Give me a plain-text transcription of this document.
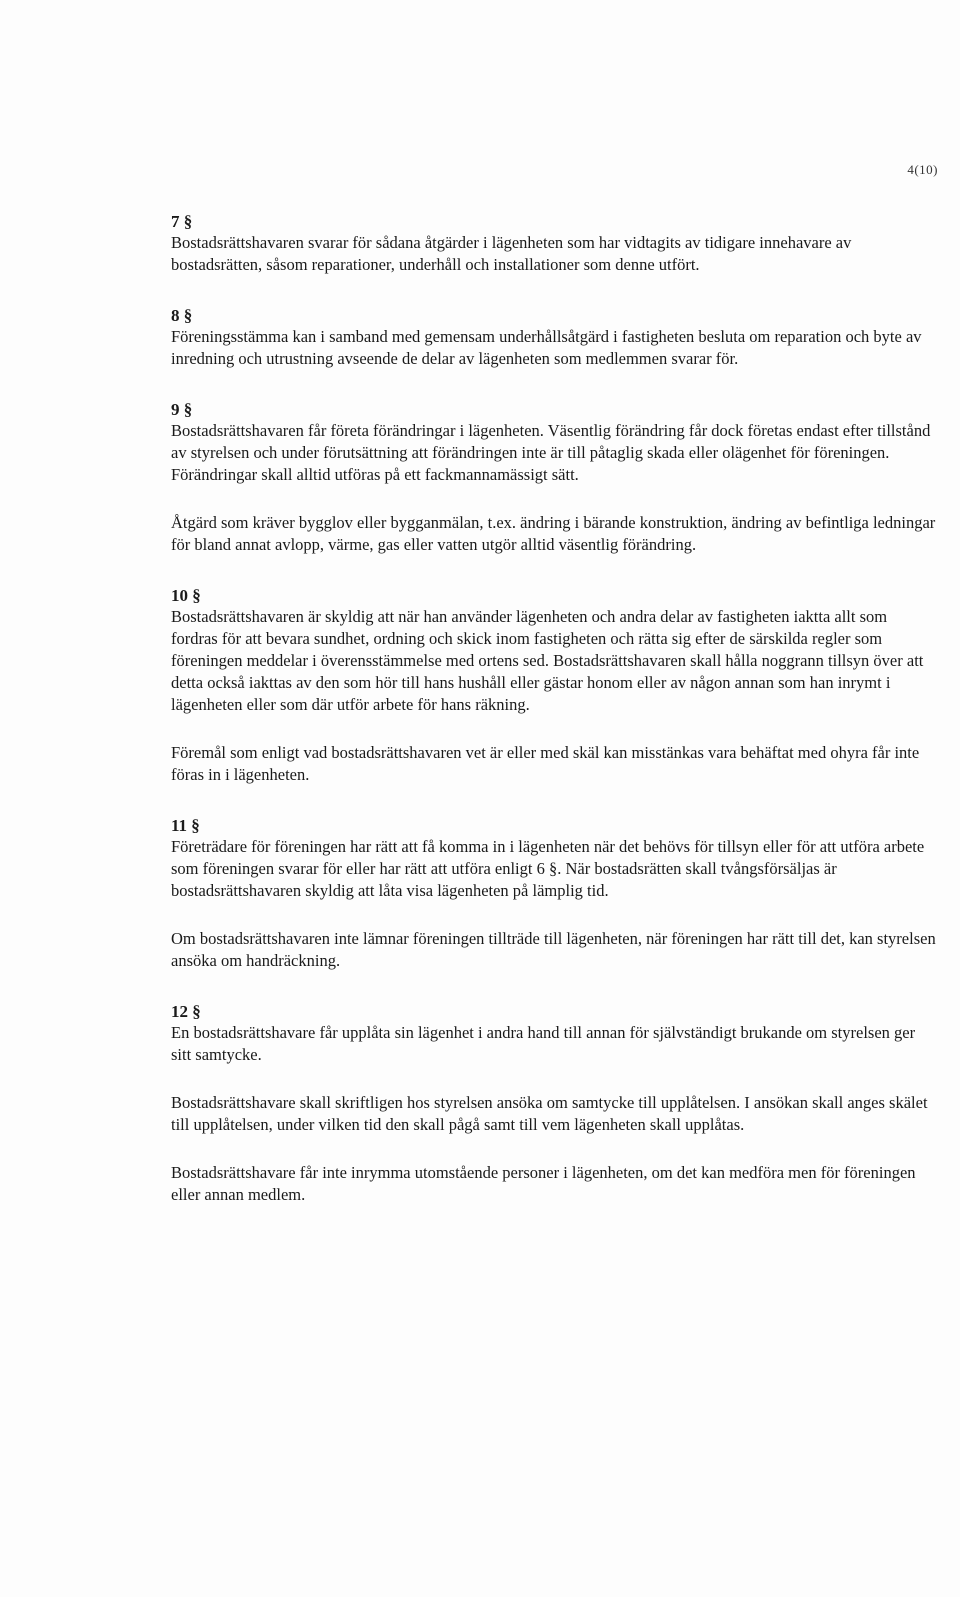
4(10)

7 §

Bostadsrättshavaren svarar för sådana åtgärder i lägenheten som har vidtagits av tidigare innehavare av bostadsrätten, såsom reparationer, underhåll och installationer som denne utfört.

8 §

Föreningsstämma kan i samband med gemensam underhållsåtgärd i fastigheten besluta om reparation och byte av inredning och utrustning avseende de delar av lägenheten som medlemmen svarar för.

9 §

Bostadsrättshavaren får företa förändringar i lägenheten. Väsentlig förändring får dock företas endast efter tillstånd av styrelsen och under förutsättning att förändringen inte är till påtaglig skada eller olägenhet för föreningen. Förändringar skall alltid utföras på ett fackmannamässigt sätt.

Åtgärd som kräver bygglov eller bygganmälan, t.ex. ändring i bärande konstruktion, ändring av befintliga ledningar för bland annat avlopp, värme, gas eller vatten utgör alltid väsentlig förändring.

10 §

Bostadsrättshavaren är skyldig att när han använder lägenheten och andra delar av fastigheten iaktta allt som fordras för att bevara sundhet, ordning och skick inom fastigheten och rätta sig efter de särskilda regler som föreningen meddelar i överensstämmelse med ortens sed. Bostadsrättshavaren skall hålla noggrann tillsyn över att detta också iakttas av den som hör till hans hushåll eller gästar honom eller av någon annan som han inrymt i lägenheten eller som där utför arbete för hans räkning.

Föremål som enligt vad bostadsrättshavaren vet är eller med skäl kan misstänkas vara behäftat med ohyra får inte föras in i lägenheten.

11 §

Företrädare för föreningen har rätt att få komma in i lägenheten när det behövs för tillsyn eller för att utföra arbete som föreningen svarar för eller har rätt att utföra enligt 6 §. När bostadsrätten skall tvångsförsäljas är bostadsrättshavaren skyldig att låta visa lägenheten på lämplig tid.

Om bostadsrättshavaren inte lämnar föreningen tillträde till lägenheten, när föreningen har rätt till det, kan styrelsen ansöka om handräckning.

12 §

En bostadsrättshavare får upplåta sin lägenhet i andra hand till annan för självständigt brukande om styrelsen ger sitt samtycke.

Bostadsrättshavare skall skriftligen hos styrelsen ansöka om samtycke till upplåtelsen. I ansökan skall anges skälet till upplåtelsen, under vilken tid den skall pågå samt till vem lägenheten skall upplåtas.

Bostadsrättshavare får inte inrymma utomstående personer i lägenheten, om det kan medföra men för föreningen eller annan medlem.
